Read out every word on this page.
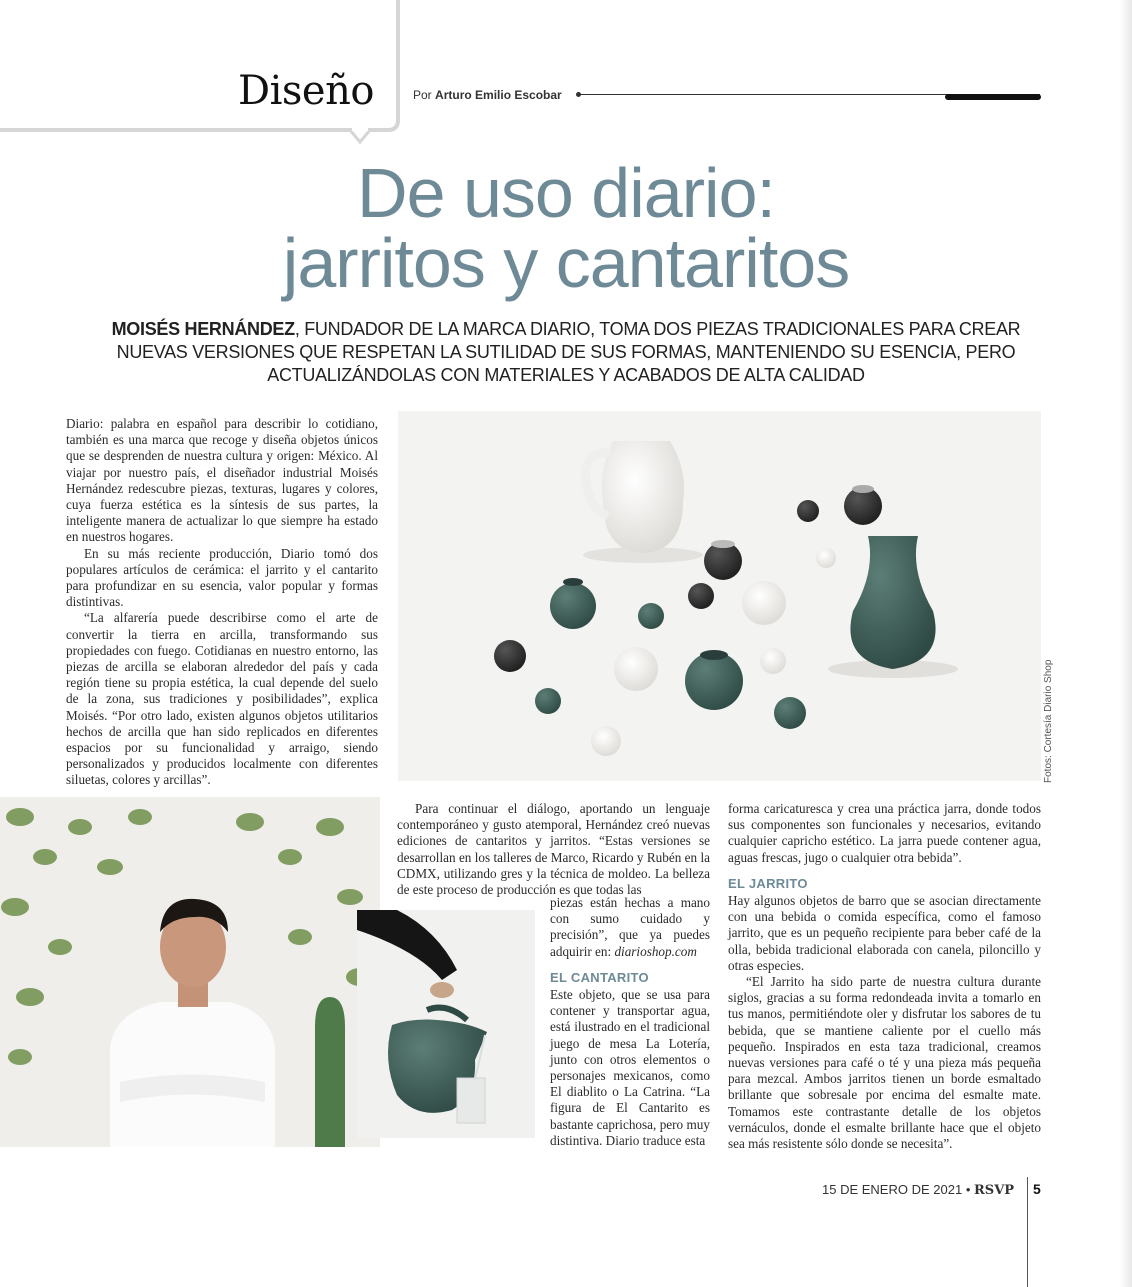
Diseño	Por Arturo Emilio Escobar
De uso diario:
jarritos y cantaritos
MOISÉS HERNÁNDEZ, FUNDADOR DE LA MARCA DIARIO, TOMA DOS PIEZAS TRADICIONALES PARA CREAR NUEVAS VERSIONES QUE RESPETAN LA SUTILIDAD DE SUS FORMAS, MANTENIENDO SU ESENCIA, PERO ACTUALIZÁNDOLAS CON MATERIALES Y ACABADOS DE ALTA CALIDAD

Diario: palabra en español para describir lo cotidiano, también es una marca que recoge y diseña objetos únicos que se desprenden de nuestra cultura y origen: México. Al viajar por nuestro país, el diseñador industrial Moisés Hernández redescubre piezas, texturas, lugares y colores, cuya fuerza estética es la síntesis de sus partes, la inteligente manera de actualizar lo que siempre ha estado en nuestros hogares.

En su más reciente producción, Diario tomó dos populares artículos de cerámica: el jarrito y el cantarito para profundizar en su esencia, valor popular y formas distintivas.

“La alfarería puede describirse como el arte de convertir la tierra en arcilla, transformando sus propiedades con fuego. Cotidianas en nuestro entorno, las piezas de arcilla se elaboran alrededor del país y cada región tiene su propia estética, la cual depende del suelo de la zona, sus tradiciones y posibilidades”, explica Moisés. “Por otro lado, existen algunos objetos utilitarios hechos de arcilla que han sido replicados en diferentes espacios por su funcionalidad y arraigo, siendo personalizados y producidos localmente con diferentes siluetas, colores y arcillas”.	Fotos: Cortesía Diario Shop

Para continuar el diálogo, aportando un lenguaje contemporáneo y gusto atemporal, Hernández creó nuevas ediciones de cantaritos y jarritos. “Estas versiones se desarrollan en los talleres de Marco, Ricardo y Rubén en la CDMX, utilizando gres y la técnica de moldeo. La belleza de este proceso de producción es que todas las

piezas están hechas a mano con sumo cuidado y precisión”, que ya puedes adquirir en: diarioshop.com

EL CANTARITO

Este objeto, que se usa para contener y transportar agua, está ilustrado en el tradicional juego de mesa La Lotería, junto con otros elementos o personajes mexicanos, como El diablito o La Catrina. “La figura de El Cantarito es bastante caprichosa, pero muy distintiva. Diario traduce esta

forma caricaturesca y crea una práctica jarra, donde todos sus componentes son funcionales y necesarios, evitando cualquier capricho estético. La jarra puede contener agua, aguas frescas, jugo o cualquier otra bebida”.

EL JARRITO

Hay algunos objetos de barro que se asocian directamente con una bebida o comida específica, como el famoso jarrito, que es un pequeño recipiente para beber café de la olla, bebida tradicional elaborada con canela, piloncillo y otras especies.

“El Jarrito ha sido parte de nuestra cultura durante siglos, gracias a su forma redondeada invita a tomarlo en tus manos, permitiéndote oler y disfrutar los sabores de tu bebida, que se mantiene caliente por el cuello más pequeño. Inspirados en esta taza tradicional, creamos nuevas versiones para café o té y una pieza más pequeña para mezcal. Ambos jarritos tienen un borde esmaltado brillante que sobresale por encima del esmalte mate. Tomamos este contrastante detalle de los objetos vernáculos, donde el esmalte brillante hace que el objeto sea más resistente sólo donde se necesita”.

15 DE ENERO DE 2021 • RSVP 5
